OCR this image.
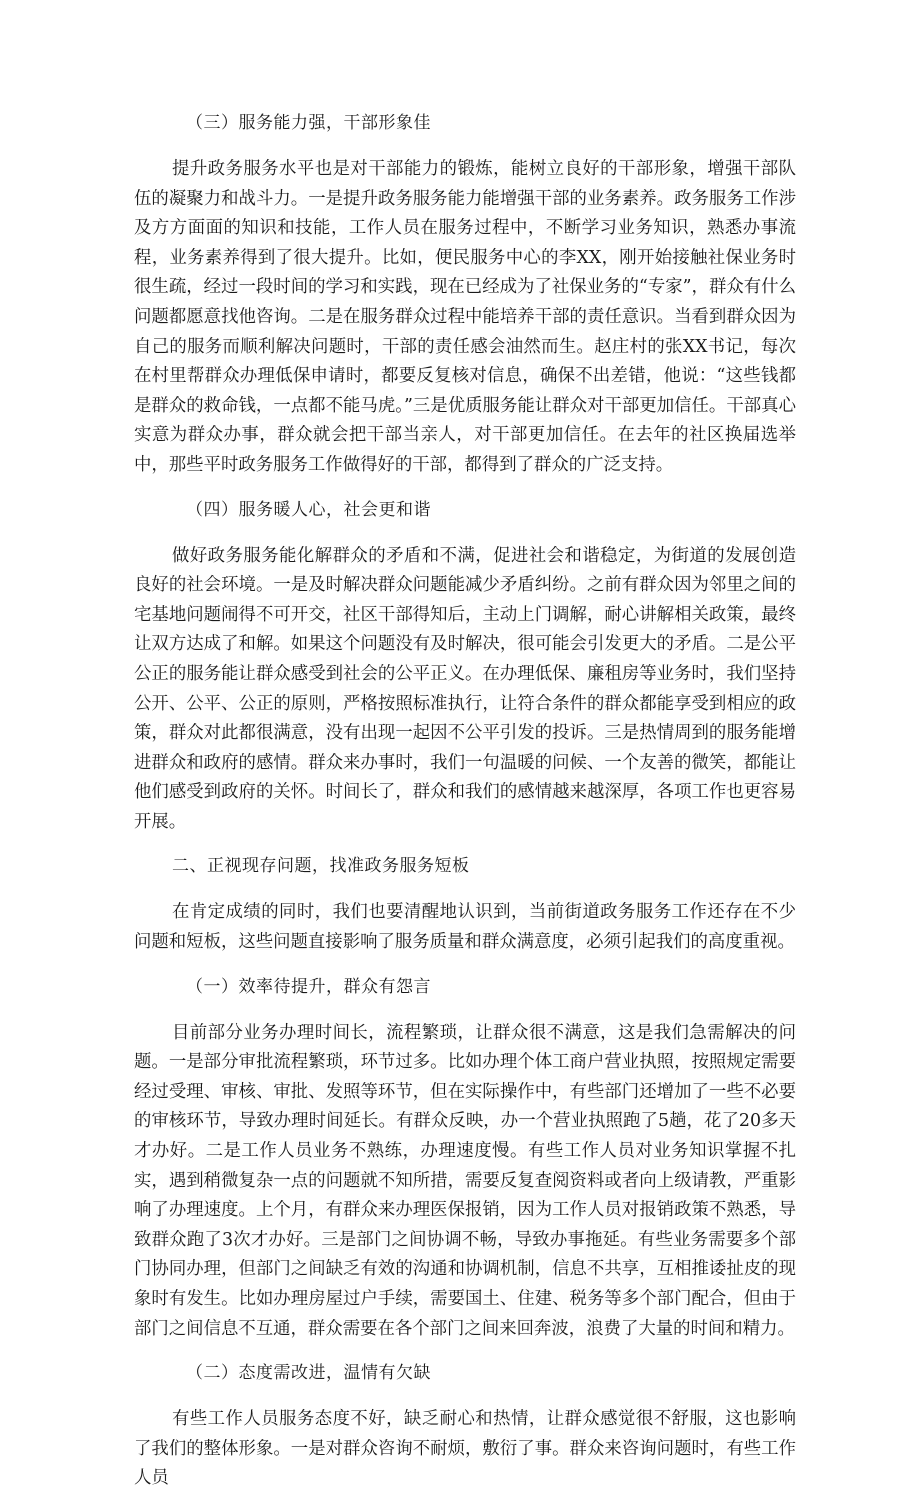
（三）服务能力强，干部形象佳

提升政务服务水平也是对干部能力的锻炼，能树立良好的干部形象，增强干部队伍的凝聚力和战斗力。一是提升政务服务能力能增强干部的业务素养。政务服务工作涉及方方面面的知识和技能，工作人员在服务过程中，不断学习业务知识，熟悉办事流程，业务素养得到了很大提升。比如，便民服务中心的李XX，刚开始接触社保业务时很生疏，经过一段时间的学习和实践，现在已经成为了社保业务的“专家”，群众有什么问题都愿意找他咨询。二是在服务群众过程中能培养干部的责任意识。当看到群众因为自己的服务而顺利解决问题时，干部的责任感会油然而生。赵庄村的张XX书记，每次在村里帮群众办理低保申请时，都要反复核对信息，确保不出差错，他说：“这些钱都是群众的救命钱，一点都不能马虎。”三是优质服务能让群众对干部更加信任。干部真心实意为群众办事，群众就会把干部当亲人，对干部更加信任。在去年的社区换届选举中，那些平时政务服务工作做得好的干部，都得到了群众的广泛支持。

（四）服务暖人心，社会更和谐

做好政务服务能化解群众的矛盾和不满，促进社会和谐稳定，为街道的发展创造良好的社会环境。一是及时解决群众问题能减少矛盾纠纷。之前有群众因为邻里之间的宅基地问题闹得不可开交，社区干部得知后，主动上门调解，耐心讲解相关政策，最终让双方达成了和解。如果这个问题没有及时解决，很可能会引发更大的矛盾。二是公平公正的服务能让群众感受到社会的公平正义。在办理低保、廉租房等业务时，我们坚持公开、公平、公正的原则，严格按照标准执行，让符合条件的群众都能享受到相应的政策，群众对此都很满意，没有出现一起因不公平引发的投诉。三是热情周到的服务能增进群众和政府的感情。群众来办事时，我们一句温暖的问候、一个友善的微笑，都能让他们感受到政府的关怀。时间长了，群众和我们的感情越来越深厚，各项工作也更容易开展。

二、正视现存问题，找准政务服务短板

在肯定成绩的同时，我们也要清醒地认识到，当前街道政务服务工作还存在不少问题和短板，这些问题直接影响了服务质量和群众满意度，必须引起我们的高度重视。

（一）效率待提升，群众有怨言

目前部分业务办理时间长，流程繁琐，让群众很不满意，这是我们急需解决的问题。一是部分审批流程繁琐，环节过多。比如办理个体工商户营业执照，按照规定需要经过受理、审核、审批、发照等环节，但在实际操作中，有些部门还增加了一些不必要的审核环节，导致办理时间延长。有群众反映，办一个营业执照跑了5趟，花了20多天才办好。二是工作人员业务不熟练，办理速度慢。有些工作人员对业务知识掌握不扎实，遇到稍微复杂一点的问题就不知所措，需要反复查阅资料或者向上级请教，严重影响了办理速度。上个月，有群众来办理医保报销，因为工作人员对报销政策不熟悉，导致群众跑了3次才办好。三是部门之间协调不畅，导致办事拖延。有些业务需要多个部门协同办理，但部门之间缺乏有效的沟通和协调机制，信息不共享，互相推诿扯皮的现象时有发生。比如办理房屋过户手续，需要国土、住建、税务等多个部门配合，但由于部门之间信息不互通，群众需要在各个部门之间来回奔波，浪费了大量的时间和精力。

（二）态度需改进，温情有欠缺

有些工作人员服务态度不好，缺乏耐心和热情，让群众感觉很不舒服，这也影响了我们的整体形象。一是对群众咨询不耐烦，敷衍了事。群众来咨询问题时，有些工作人员
